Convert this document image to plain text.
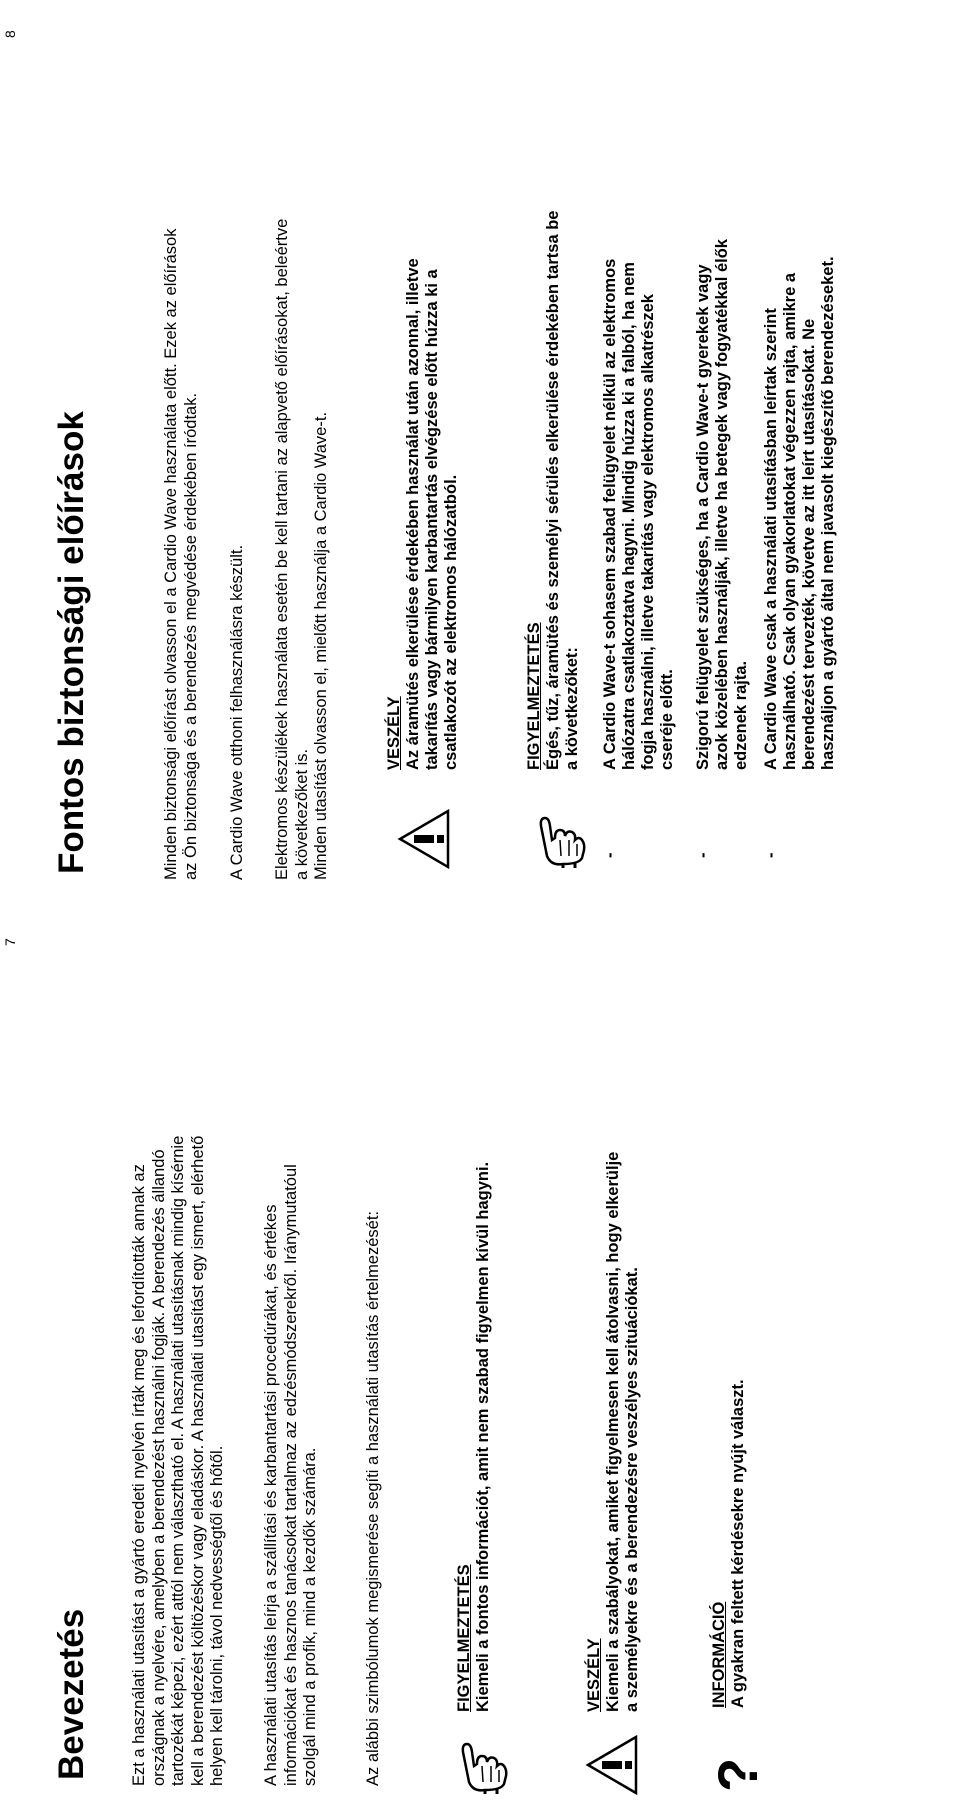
7
Bevezetés Ezt a használati utasítást a gyártó eredeti nyelvén írták meg és lefordították annak az országnak a nyelvére, amelyben a berendezést használni fogják. A berendezés állandó tartozékát képezi, ezért attól nem választható el. A használati utasításnak mindig kísérnie kell a berendezést költözéskor vagy eladáskor. A használati utasítást egy ismert, elérhető helyen kell tárolni, távol nedvességtől és hőtől. A használati utasítás leírja a szállítási és karbantartási procedúrákat, és értékes információkat és hasznos tanácsokat tartalmaz az edzésmódszerekről. Iránymutatóul szolgál mind a profik, mind a kezdők számára.	Az alábbi szimbólumok megismerése segíti a használati utasítás értelmezését:	FIGYELMEZTETÉS Kiemeli a fontos információt, amit nem szabad figyelmen kívül hagyni.	VESZÉLY Kiemeli a szabályokat, amiket figyelmesen kell átolvasni, hogy elkerülje a személyekre és a berendezésre veszélyes szituációkat.
?
INFORMÁCIÓ A gyakran feltett kérdésekre nyújt választ.
8
Fontos biztonsági előírások	Minden biztonsági előírást olvasson el a Cardio Wave használata előtt. Ezek az előírások az Ön biztonsága és a berendezés megvédése érdekében íródtak. A Cardio Wave otthoni felhasználásra készült. Elektromos készülékek használata esetén be kell tartani az alapvető előírásokat, beleértve a következőket is. Minden utasítást olvasson el, mielőtt használja a Cardio Wave-t.	VESZÉLY Az áramütés elkerülése érdekében használat után azonnal, illetve takarítás vagy bármilyen karbantartás elvégzése előtt húzza ki a csatlakozót az elektromos hálózatból.	FIGYELMEZTETÉS Égés, tűz, áramütés és személyi sérülés elkerülése érdekében tartsa be a következőket:
-
A Cardio Wave-t sohasem szabad felügyelet nélkül az elektromos hálózatra csatlakoztatva hagyni. Mindig húzza ki a falból, ha nem fogja használni, illetve takarítás vagy elektromos alkatrészek cseréje előtt.
-
Szigorú felügyelet szükséges, ha a Cardio Wave-t gyerekek vagy azok közelében használják, illetve ha betegek vagy fogyatékkal élők edzenek rajta.
-
A Cardio Wave csak a használati utasításban leírtak szerint használható. Csak olyan gyakorlatokat végezzen rajta, amikre a berendezést tervezték, követve az itt leírt utasításokat. Ne használjon a gyártó által nem javasolt kiegészítő berendezéseket.
